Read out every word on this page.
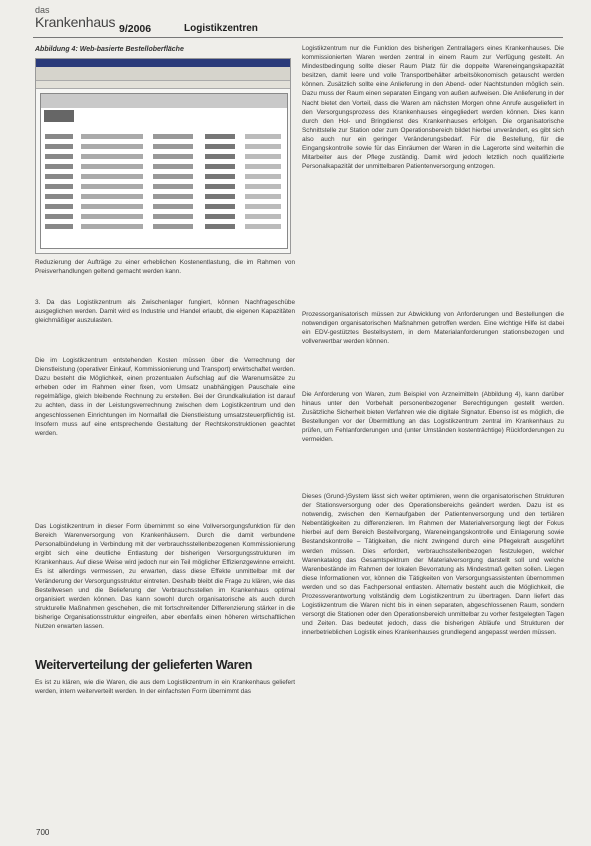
das
Krankenhaus 9/2006	Logistikzentren
Abbildung 4: Web-basierte Bestelloberfläche

Reduzierung der Aufträge zu einer erheblichen Kostenentlastung, die im Rahmen von Preisverhandlungen geltend gemacht werden kann.

3. Da das Logistikzentrum als Zwischenlager fungiert, können Nachfrageschübe ausgeglichen werden. Damit wird es Industrie und Handel erlaubt, die eigenen Kapazitäten gleichmäßiger auszulasten.

Die im Logistikzentrum entstehenden Kosten müssen über die Verrechnung der Dienstleistung (operativer Einkauf, Kommissionierung und Transport) erwirtschaftet werden. Dazu besteht die Möglichkeit, einen prozentualen Aufschlag auf die Warenumsätze zu erheben oder im Rahmen einer fixen, vom Umsatz unabhängigen Pauschale eine regelmäßige, gleich bleibende Rechnung zu erstellen. Bei der Grundkalkulation ist darauf zu achten, dass in der Leistungsverrechnung zwischen dem Logistikzentrum und den angeschlossenen Einrichtungen im Normalfall die Dienstleistung umsatzsteuerpflichtig ist. Insofern muss auf eine entsprechende Gestaltung der Rechtskonstruktionen geachtet werden.

Das Logistikzentrum in dieser Form übernimmt so eine Vollversorgungsfunktion für den Bereich Warenversorgung von Krankenhäusern. Durch die damit verbundene Personalbündelung in Verbindung mit der verbrauchsstellenbezogenen Kommissionierung ergibt sich eine deutliche Entlastung der bisherigen Versorgungsstrukturen im Krankenhaus. Auf diese Weise wird jedoch nur ein Teil möglicher Effizienzgewinne erreicht. Es ist allerdings vermessen, zu erwarten, dass diese Effekte unmittelbar mit der Veränderung der Versorgungsstruktur eintreten. Deshalb bleibt die Frage zu klären, wie das Bestellwesen und die Belieferung der Verbrauchsstellen im Krankenhaus optimal organisiert werden können. Das kann sowohl durch organisatorische als auch durch strukturelle Maßnahmen geschehen, die mit fortschreitender Differenzierung stärker in die bisherige Organisationsstruktur eingreifen, aber ebenfalls einen höheren wirtschaftlichen Nutzen erwarten lassen.

Weiterverteilung der gelieferten Waren

Es ist zu klären, wie die Waren, die aus dem Logistikzentrum in ein Krankenhaus geliefert werden, intern weiterverteilt werden. In der einfachsten Form übernimmt das

Logistikzentrum nur die Funktion des bisherigen Zentrallagers eines Krankenhauses. Die kommissionierten Waren werden zentral in einem Raum zur Verfügung gestellt. An Mindestbedingung sollte dieser Raum Platz für die doppelte Wareneingangskapazität besitzen, damit leere und volle Transportbehälter arbeitsökonomisch getauscht werden können. Zusätzlich sollte eine Anlieferung in den Abend- oder Nachtstunden möglich sein. Dazu muss der Raum einen separaten Eingang von außen aufweisen. Die Anlieferung in der Nacht bietet den Vorteil, dass die Waren am nächsten Morgen ohne Anrufe ausgeliefert in den Versorgungsprozess des Krankenhauses eingegliedert werden können. Dies kann durch den Hol- und Bringdienst des Krankenhauses erfolgen. Die organisatorische Schnittstelle zur Station oder zum Operationsbereich bildet hierbei unverändert, es gibt sich also auch nur ein geringer Veränderungsbedarf. Für die Bestellung, für die Eingangskontrolle sowie für das Einräumen der Waren in die Lagerorte sind weiterhin die Mitarbeiter aus der Pflege zuständig. Damit wird jedoch letztlich noch qualifizierte Personalkapazität der unmittelbaren Patientenversorgung entzogen.

Prozessorganisatorisch müssen zur Abwicklung von Anforderungen und Bestellungen die notwendigen organisatorischen Maßnahmen getroffen werden. Eine wichtige Hilfe ist dabei ein EDV-gestütztes Bestellsystem, in dem Materialanforderungen stationsbezogen und vollverwertbar werden können.

Die Anforderung von Waren, zum Beispiel von Arzneimitteln (Abbildung 4), kann darüber hinaus unter den Vorbehalt personenbezogener Berechtigungen gestellt werden. Zusätzliche Sicherheit bieten Verfahren wie die digitale Signatur. Ebenso ist es möglich, die Bestellungen vor der Übermittlung an das Logistikzentrum zentral im Krankenhaus zu prüfen, um Fehlanforderungen und (unter Umständen kostenträchtige) Rückforderungen zu vermeiden.

Dieses (Grund-)System lässt sich weiter optimieren, wenn die organisatorischen Strukturen der Stationsversorgung oder des Operationsbereichs geändert werden. Dazu ist es notwendig, zwischen den Kernaufgaben der Patientenversorgung und den tertiären Nebentätigkeiten zu differenzieren. Im Rahmen der Materialversorgung liegt der Fokus hierbei auf dem Bereich Bestellvorgang, Wareneingangskontrolle und Einlagerung sowie Bestandskontrolle – Tätigkeiten, die nicht zwingend durch eine Pflegekraft ausgeführt werden müssen. Dies erfordert, verbrauchsstellenbezogen festzulegen, welcher Warenkatalog das Gesamtspektrum der Materialversorgung darstellt soll und welche Warenbestände im Rahmen der lokalen Bevorratung als Mindestmaß gelten sollen. Liegen diese Informationen vor, können die Tätigkeiten von Versorgungsassistenten übernommen werden und so das Fachpersonal entlasten. Alternativ besteht auch die Möglichkeit, die Prozessverantwortung vollständig dem Logistikzentrum zu übertragen. Dann liefert das Logistikzentrum die Waren nicht bis in einen separaten, abgeschlossenen Raum, sondern versorgt die Stationen oder den Operationsbereich unmittelbar zu vorher festgelegten Tagen und Zeiten. Das bedeutet jedoch, dass die bisherigen Abläufe und Strukturen der innerbetrieblichen Logistik eines Krankenhauses grundlegend angepasst werden müssen.

700
